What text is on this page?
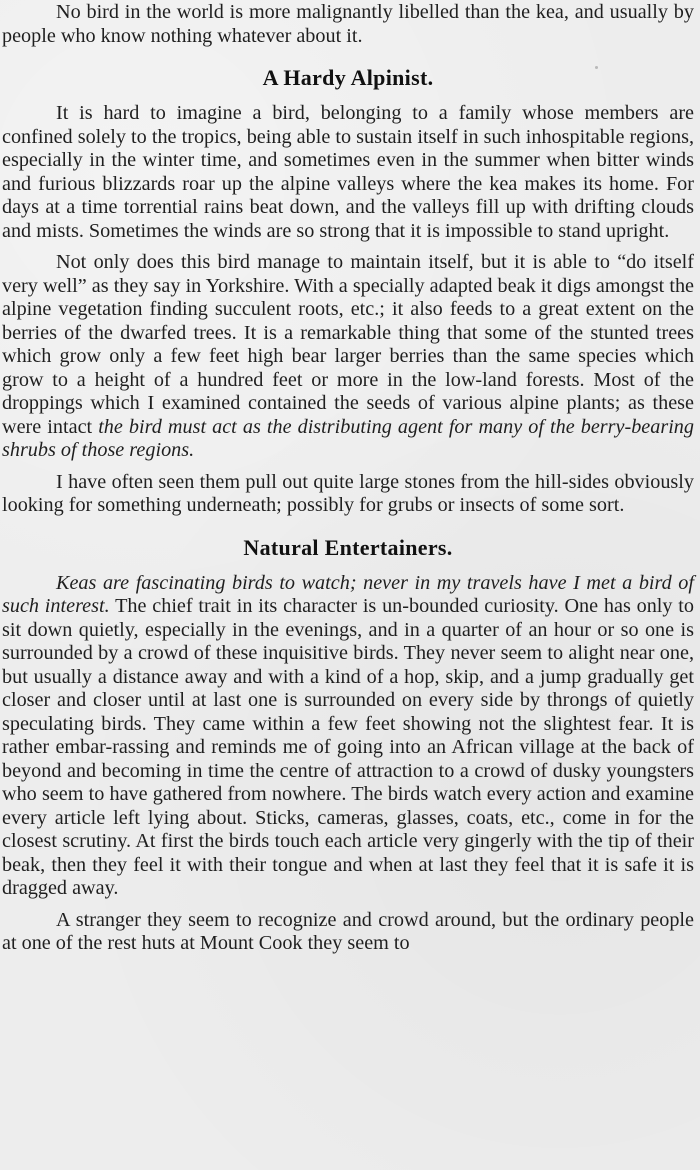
No bird in the world is more malignantly libelled than the kea, and usually by people who know nothing whatever about it.

A Hardy Alpinist.

It is hard to imagine a bird, belonging to a family whose members are confined solely to the tropics, being able to sustain itself in such inhospitable regions, especially in the winter time, and sometimes even in the summer when bitter winds and furious blizzards roar up the alpine valleys where the kea makes its home. For days at a time torrential rains beat down, and the valleys fill up with drifting clouds and mists. Sometimes the winds are so strong that it is impossible to stand upright.

Not only does this bird manage to maintain itself, but it is able to “do itself very well” as they say in Yorkshire. With a specially adapted beak it digs amongst the alpine vegetation finding succulent roots, etc.; it also feeds to a great extent on the berries of the dwarfed trees. It is a remarkable thing that some of the stunted trees which grow only a few feet high bear larger berries than the same species which grow to a height of a hundred feet or more in the low-land forests. Most of the droppings which I examined contained the seeds of various alpine plants; as these were intact the bird must act as the distributing agent for many of the berry-bearing shrubs of those regions.

I have often seen them pull out quite large stones from the hill-sides obviously looking for something underneath; possibly for grubs or insects of some sort.

Natural Entertainers.

Keas are fascinating birds to watch; never in my travels have I met a bird of such interest. The chief trait in its character is un-bounded curiosity. One has only to sit down quietly, especially in the evenings, and in a quarter of an hour or so one is surrounded by a crowd of these inquisitive birds. They never seem to alight near one, but usually a distance away and with a kind of a hop, skip, and a jump gradually get closer and closer until at last one is surrounded on every side by throngs of quietly speculating birds. They came within a few feet showing not the slightest fear. It is rather embar-rassing and reminds me of going into an African village at the back of beyond and becoming in time the centre of attraction to a crowd of dusky youngsters who seem to have gathered from nowhere. The birds watch every action and examine every article left lying about. Sticks, cameras, glasses, coats, etc., come in for the closest scrutiny. At first the birds touch each article very gingerly with the tip of their beak, then they feel it with their tongue and when at last they feel that it is safe it is dragged away.

A stranger they seem to recognize and crowd around, but the ordinary people at one of the rest huts at Mount Cook they seem to
